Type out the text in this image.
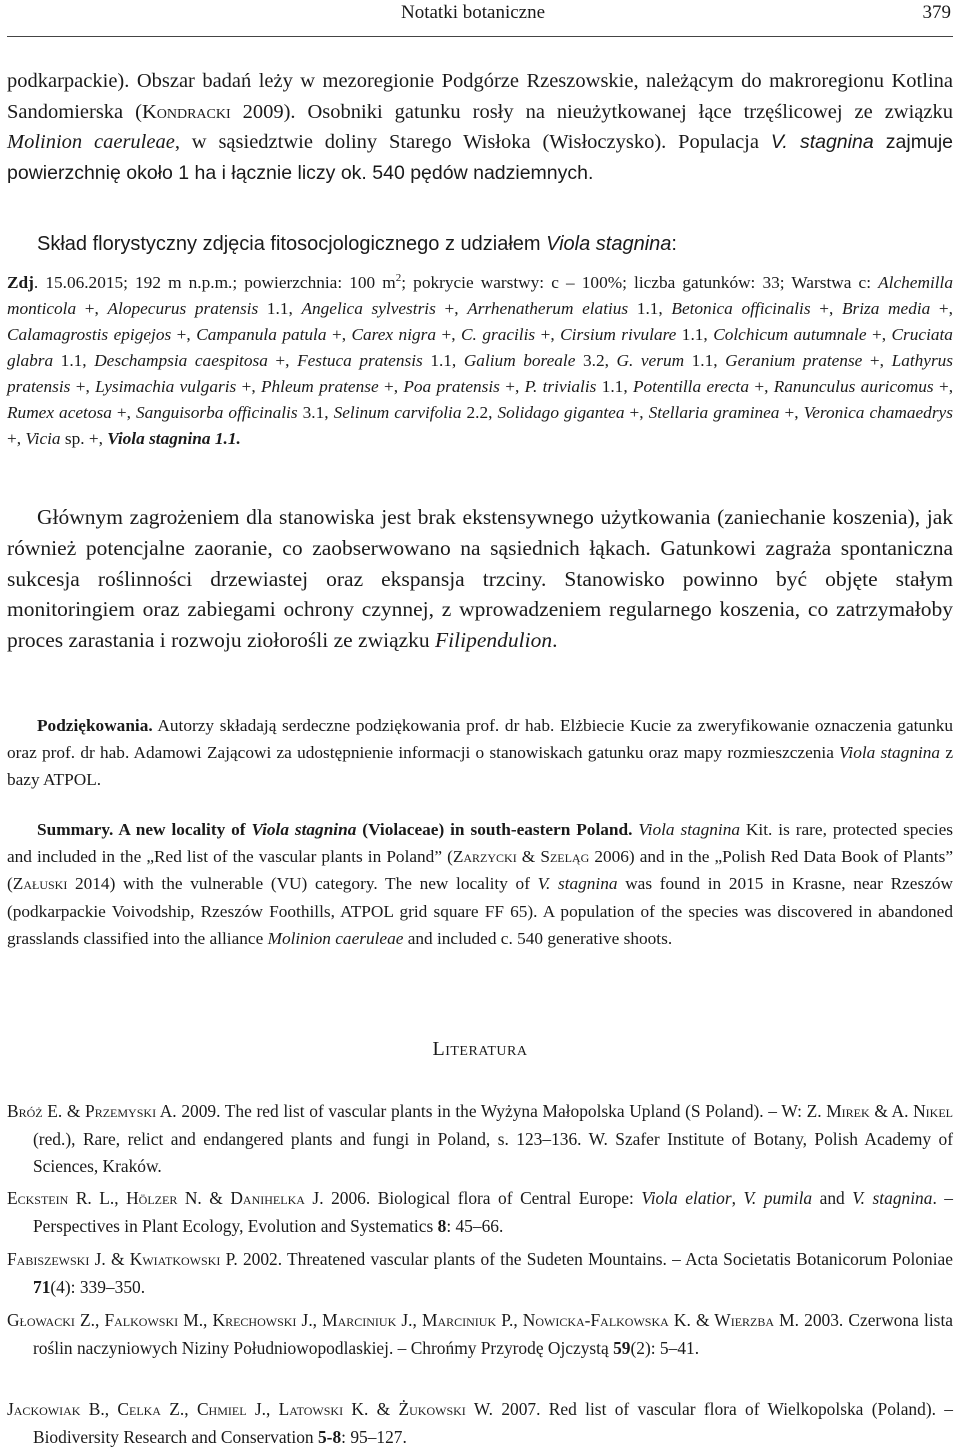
Notatki botaniczne	379
podkarpackie). Obszar badań leży w mezoregionie Podgórze Rzeszowskie, należącym do makroregionu Kotlina Sandomierska (Kondracki 2009). Osobniki gatunku rosły na nieużytkowanej łące trzęślicowej ze związku Molinion caeruleae, w sąsiedztwie doliny Starego Wisłoka (Wisłoczysko). Populacja V. stagnina zajmuje powierzchnię około 1 ha i łącznie liczy ok. 540 pędów nadziemnych.
Skład florystyczny zdjęcia fitosocjologicznego z udziałem Viola stagnina:
Zdj. 15.06.2015; 192 m n.p.m.; powierzchnia: 100 $m^2$; pokrycie warstwy: c – 100%; liczba gatunków: 33; Warstwa c: Alchemilla monticola +, Alopecurus pratensis 1.1, Angelica sylvestris +, Arrhenatherum elatius 1.1, Betonica officinalis +, Briza media +, Calamagrostis epigejos +, Campanula patula +, Carex nigra +, C. gracilis +, Cirsium rivulare 1.1, Colchicum autumnale +, Cruciata glabra 1.1, Deschampsia caespitosa +, Festuca pratensis 1.1, Galium boreale 3.2, G. verum 1.1, Geranium pratense +, Lathyrus pratensis +, Lysimachia vulgaris +, Phleum pratense +, Poa pratensis +, P. trivialis 1.1, Potentilla erecta +, Ranunculus auricomus +, Rumex acetosa +, Sanguisorba officinalis 3.1, Selinum carvifolia 2.2, Solidago gigantea +, Stellaria graminea +, Veronica chamaedrys +, Vicia sp. +, Viola stagnina 1.1.
Głównym zagrożeniem dla stanowiska jest brak ekstensywnego użytkowania (zaniechanie koszenia), jak również potencjalne zaoranie, co zaobserwowano na sąsiednich łąkach. Gatunkowi zagraża spontaniczna sukcesja roślinności drzewiastej oraz ekspansja trzciny. Stanowisko powinno być objęte stałym monitoringiem oraz zabiegami ochrony czynnej, z wprowadzeniem regularnego koszenia, co zatrzymałoby proces zarastania i rozwoju ziołorośli ze związku Filipendulion.
Podziękowania. Autorzy składają serdeczne podziękowania prof. dr hab. Elżbiecie Kucie za zweryfikowanie oznaczenia gatunku oraz prof. dr hab. Adamowi Zającowi za udostępnienie informacji o stanowiskach gatunku oraz mapy rozmieszczenia Viola stagnina z bazy ATPOL.
Summary. A new locality of Viola stagnina (Violaceae) in south-eastern Poland. Viola stagnina Kit. is rare, protected species and included in the „Red list of the vascular plants in Poland” (Zarzycki & Szeląg 2006) and in the „Polish Red Data Book of Plants” (Załuski 2014) with the vulnerable (VU) category. The new locality of V. stagnina was found in 2015 in Krasne, near Rzeszów (podkarpackie Voivodship, Rzeszów Foothills, ATPOL grid square FF 65). A population of the species was discovered in abandoned grasslands classified into the alliance Molinion caeruleae and included c. 540 generative shoots.
Literatura
Bróż E. & Przemyski A. 2009. The red list of vascular plants in the Wyżyna Małopolska Upland (S Poland). – W: Z. Mirek & A. Nikel (red.), Rare, relict and endangered plants and fungi in Poland, s. 123–136. W. Szafer Institute of Botany, Polish Academy of Sciences, Kraków.
Eckstein R. L., Hölzer N. & Danihelka J. 2006. Biological flora of Central Europe: Viola elatior, V. pumila and V. stagnina. – Perspectives in Plant Ecology, Evolution and Systematics 8: 45–66.
Fabiszewski J. & Kwiatkowski P. 2002. Threatened vascular plants of the Sudeten Mountains. – Acta Societatis Botanicorum Poloniae 71(4): 339–350.
Głowacki Z., Falkowski M., Krechowski J., Marciniuk J., Marciniuk P., Nowicka-Falkowska K. & Wierzba M. 2003. Czerwona lista roślin naczyniowych Niziny Południowopodlaskiej. – Chrońmy Przyrodę Ojczystą 59(2): 5–41.
Jackowiak B., Celka Z., Chmiel J., Latowski K. & Żukowski W. 2007. Red list of vascular flora of Wielkopolska (Poland). – Biodiversity Research and Conservation 5-8: 95–127.
